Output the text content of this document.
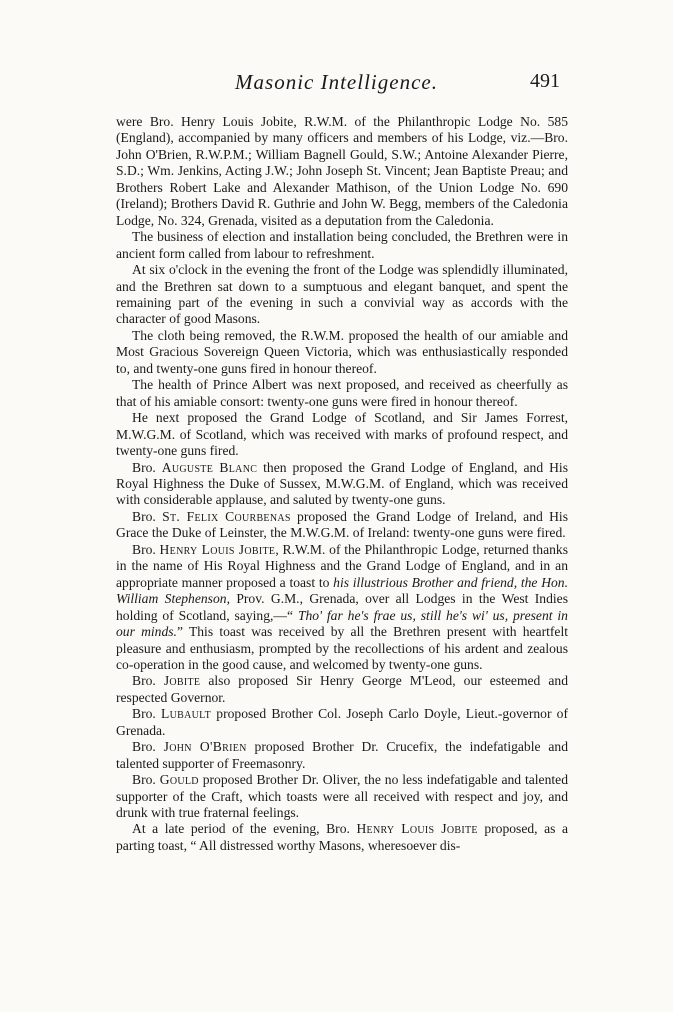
Masonic Intelligence.	491

were Bro. Henry Louis Jobite, R.W.M. of the Philanthropic Lodge No. 585 (England), accompanied by many officers and members of his Lodge, viz.—Bro. John O'Brien, R.W.P.M.; William Bagnell Gould, S.W.; Antoine Alexander Pierre, S.D.; Wm. Jenkins, Acting J.W.; John Joseph St. Vincent; Jean Baptiste Preau; and Brothers Robert Lake and Alexander Mathison, of the Union Lodge No. 690 (Ireland); Brothers David R. Guthrie and John W. Begg, members of the Caledonia Lodge, No. 324, Grenada, visited as a deputation from the Caledonia.

The business of election and installation being concluded, the Brethren were in ancient form called from labour to refreshment.

At six o'clock in the evening the front of the Lodge was splendidly illuminated, and the Brethren sat down to a sumptuous and elegant banquet, and spent the remaining part of the evening in such a convivial way as accords with the character of good Masons.

The cloth being removed, the R.W.M. proposed the health of our amiable and Most Gracious Sovereign Queen Victoria, which was enthusiastically responded to, and twenty-one guns fired in honour thereof.

The health of Prince Albert was next proposed, and received as cheerfully as that of his amiable consort: twenty-one guns were fired in honour thereof.

He next proposed the Grand Lodge of Scotland, and Sir James Forrest, M.W.G.M. of Scotland, which was received with marks of profound respect, and twenty-one guns fired.

Bro. Auguste Blanc then proposed the Grand Lodge of England, and His Royal Highness the Duke of Sussex, M.W.G.M. of England, which was received with considerable applause, and saluted by twenty-one guns.

Bro. St. Felix Courbenas proposed the Grand Lodge of Ireland, and His Grace the Duke of Leinster, the M.W.G.M. of Ireland: twenty-one guns were fired.

Bro. Henry Louis Jobite, R.W.M. of the Philanthropic Lodge, returned thanks in the name of His Royal Highness and the Grand Lodge of England, and in an appropriate manner proposed a toast to his illustrious Brother and friend, the Hon. William Stephenson, Prov. G.M., Grenada, over all Lodges in the West Indies holding of Scotland, saying,—“ Tho' far he's frae us, still he's wi' us, present in our minds.” This toast was received by all the Brethren present with heartfelt pleasure and enthusiasm, prompted by the recollections of his ardent and zealous co-operation in the good cause, and welcomed by twenty-one guns.

Bro. Jobite also proposed Sir Henry George M'Leod, our esteemed and respected Governor.

Bro. Lubault proposed Brother Col. Joseph Carlo Doyle, Lieut.-governor of Grenada.

Bro. John O'Brien proposed Brother Dr. Crucefix, the indefatigable and talented supporter of Freemasonry.

Bro. Gould proposed Brother Dr. Oliver, the no less indefatigable and talented supporter of the Craft, which toasts were all received with respect and joy, and drunk with true fraternal feelings.

At a late period of the evening, Bro. Henry Louis Jobite proposed, as a parting toast, “ All distressed worthy Masons, wheresoever dis-
